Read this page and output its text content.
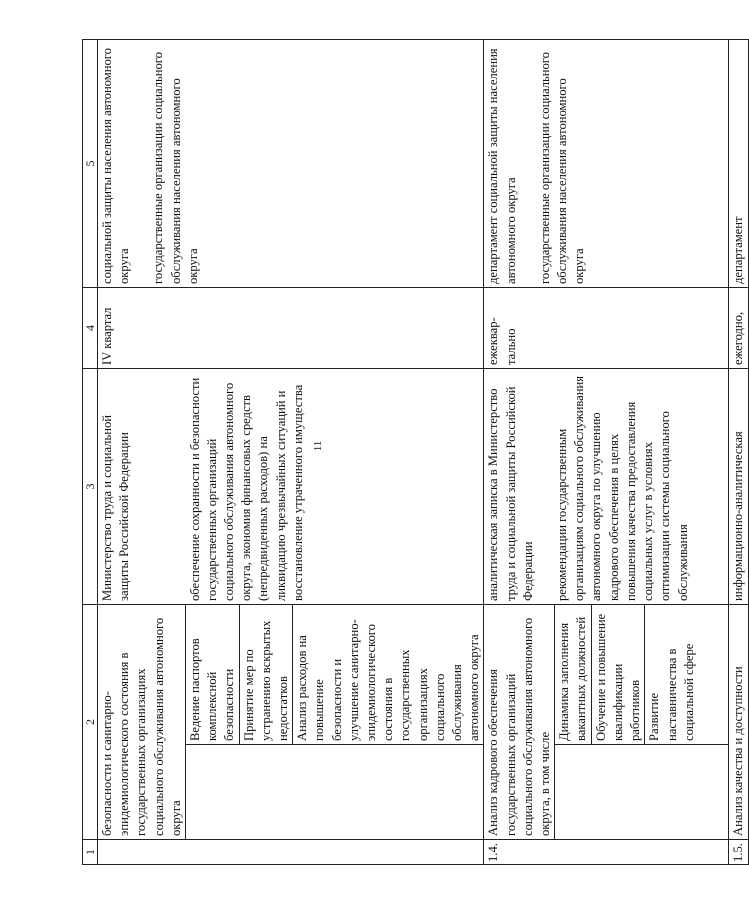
11
1	2		3	4	5
	безопасности и санитарно-эпидемиологического состояния в государственных организациях социального обслуживания автономного округа		Министерство труда и социальной защиты Российской Федерации	IV квартал	социальной защиты населения автономного округа государственные организации социального обслуживания населения автономного округа

		Ведение паспортов комплексной безопасности	обеспечение сохранности и безопасности государственных организаций социального обслуживания автономного округа, экономия финансовых средств (непредвиденных расходов) на ликвидацию чрезвычайных ситуаций и восстановление утраченного имущества		
		Принятие мер по устранению вскрытых недостатков			
		Анализ расходов на повышение безопасности и улучшение санитарно-эпидемиологического состояния в государственных организациях социального обслуживания автономного округа			
1.4.	Анализ кадрового обеспечения государственных организаций социального обслуживания автономного округа, в том числе		аналитическая записка в Министерство труда и социальной защиты Российской Федерации рекомендации государственным организациям социального обслуживания автономного округа по улучшению кадрового обеспечения в целях повышения качества предоставления социальных услуг в условиях оптимизации системы социального обслуживания	ежеквар-тально	департамент социальной защиты населения автономного округа государственные организации социального обслуживания населения автономного округа

		Динамика заполнения вакантных должностей			
		Обучение и повышение квалификации работников			
		Развитие наставничества в социальной сфере			
1.5.	Анализ качества и доступности		информационно-аналитическая	ежегодно,	департамент
